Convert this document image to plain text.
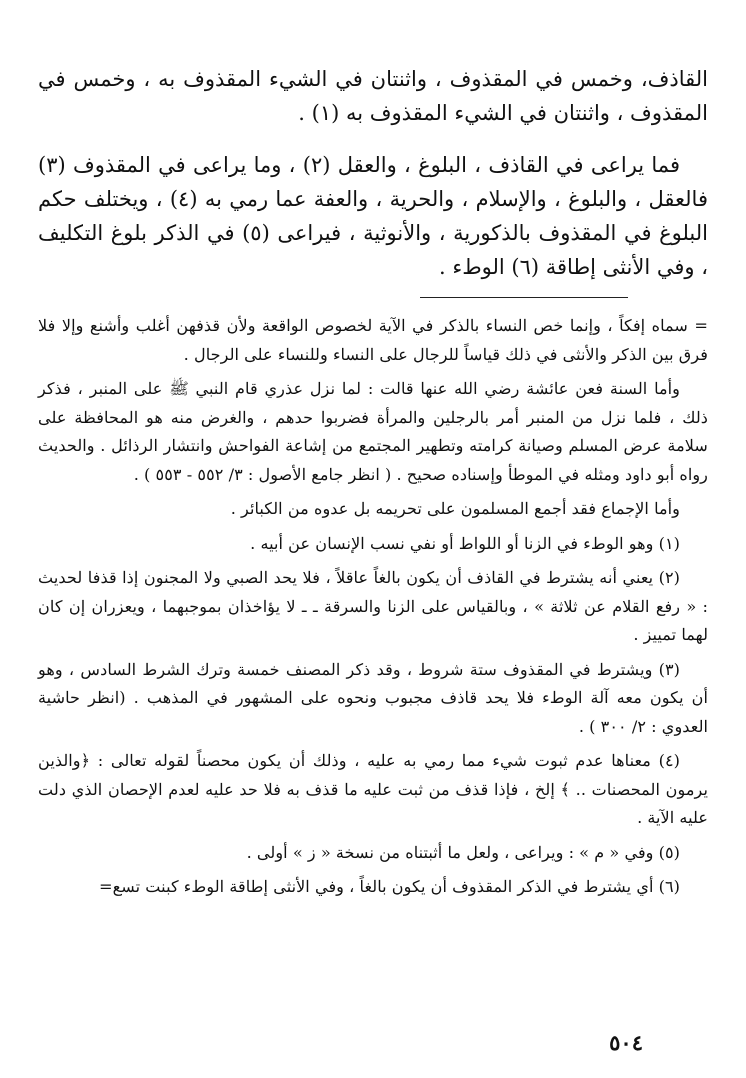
القاذف، وخمس في المقذوف ، واثنتان في الشيء المقذوف به ، وخمس في المقذوف ، واثنتان في الشيء المقذوف به (١) .

فما يراعى في القاذف ، البلوغ ، والعقل (٢) ، وما يراعى في المقذوف (٣) فالعقل ، والبلوغ ، والإسلام ، والحرية ، والعفة عما رمي به (٤) ، ويختلف حكم البلوغ في المقذوف بالذكورية ، والأنوثية ، فيراعى (٥) في الذكر بلوغ التكليف ، وفي الأنثى إطاقة (٦) الوطء .

= سماه إفكاً ، وإنما خص النساء بالذكر في الآية لخصوص الواقعة ولأن قذفهن أغلب وأشنع وإلا فلا فرق بين الذكر والأنثى في ذلك قياساً للرجال على النساء وللنساء على الرجال .

وأما السنة فعن عائشة رضي الله عنها قالت : لما نزل عذري قام النبي ﷺ على المنبر ، فذكر ذلك ، فلما نزل من المنبر أمر بالرجلين والمرأة فضربوا حدهم ، والغرض منه هو المحافظة على سلامة عرض المسلم وصيانة كرامته وتطهير المجتمع من إشاعة الفواحش وانتشار الرذائل . والحديث رواه أبو داود ومثله في الموطأ وإسناده صحيح . ( انظر جامع الأصول : ٣/ ٥٥٢ - ٥٥٣ ) .

وأما الإجماع فقد أجمع المسلمون على تحريمه بل عدوه من الكبائر .

(١) وهو الوطء في الزنا أو اللواط أو نفي نسب الإنسان عن أبيه .

(٢) يعني أنه يشترط في القاذف أن يكون بالغاً عاقلاً ، فلا يحد الصبي ولا المجنون إذا قذفا لحديث : « رفع القلام عن ثلاثة » ، وبالقياس على الزنا والسرقة ـ ـ لا يؤاخذان بموجبهما ، ويعزران إن كان لهما تمييز .

(٣) ويشترط في المقذوف ستة شروط ، وقد ذكر المصنف خمسة وترك الشرط السادس ، وهو أن يكون معه آلة الوطء فلا يحد قاذف مجبوب ونحوه على المشهور في المذهب . (انظر حاشية العدوي : ٢/ ٣٠٠ ) .

(٤) معناها عدم ثبوت شيء مما رمي به عليه ، وذلك أن يكون محصناً لقوله تعالى : ﴿والذين يرمون المحصنات .. ﴾ إلخ ، فإذا قذف من ثبت عليه ما قذف به فلا حد عليه لعدم الإحصان الذي دلت عليه الآية .

(٥) وفي « م » : ويراعى ، ولعل ما أثبتناه من نسخة « ز » أولى .

(٦) أي يشترط في الذكر المقذوف أن يكون بالغاً ، وفي الأنثى إطاقة الوطء كبنت تسع=

٥٠٤
